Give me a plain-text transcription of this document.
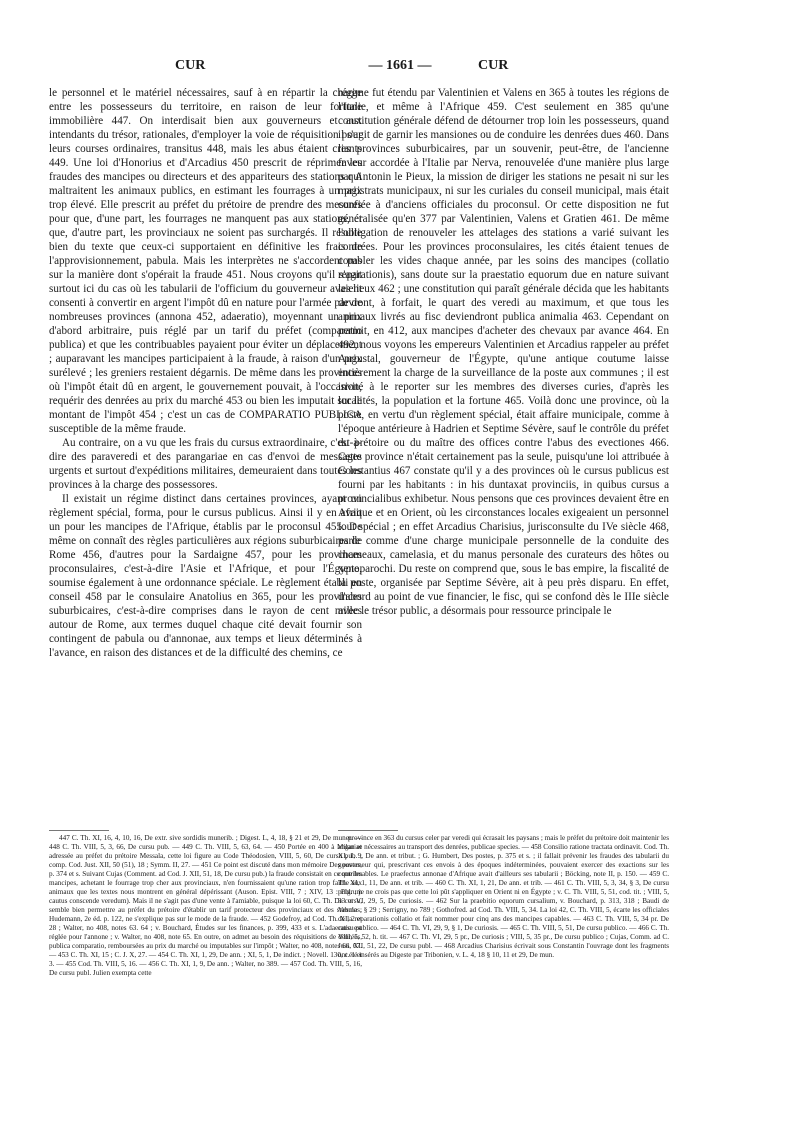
CUR	— 1661 —	CUR

le personnel et le matériel nécessaires, sauf à en répartir la charge entre les possesseurs du territoire, en raison de leur fortune immobilière 447. On interdisait bien aux gouverneurs et aux intendants du trésor, rationales, d'employer la voie de réquisition pour leurs courses ordinaires, transitus 448, mais les abus étaient criants 449. Une loi d'Honorius et d'Arcadius 450 prescrit de réprimer les fraudes des mancipes ou directeurs et des appariteurs des stations qui maltraitent les animaux publics, en estimant les fourrages à un prix trop élevé. Elle prescrit au préfet du prétoire de prendre des mesures pour que, d'une part, les fourrages ne manquent pas aux stations, et que, d'autre part, les provinciaux ne soient pas surchargés. Il résulte bien du texte que ceux-ci supportaient en définitive les frais de l'approvisionnement, pabula. Mais les interprètes ne s'accordent pas sur la manière dont s'opérait la fraude 451. Nous croyons qu'il s'agit surtout ici du cas où les tabularii de l'officium du gouverneur avaient consenti à convertir en argent l'impôt dû en nature pour l'armée par de nombreuses provinces (annona 452, adaeratio), moyennant un prix d'abord arbitraire, puis réglé par un tarif du préfet (comparatio publica) et que les contribuables payaient pour éviter un déplacement ; auparavant les mancipes participaient à la fraude, à raison d'un prix surélevé ; les greniers restaient dégarnis. De même dans les provinces où l'impôt était dû en argent, le gouvernement pouvait, à l'occasion, requérir des denrées au prix du marché 453 ou bien les imputait sur le montant de l'impôt 454 ; c'est un cas de COMPARATIO PUBLICA susceptible de la même fraude.

Au contraire, on a vu que les frais du cursus extraordinaire, c'est-à-dire des paraveredi et des parangariae en cas d'envoi de messages urgents et surtout d'expéditions militaires, demeuraient dans toutes les provinces à la charge des possessores.

Il existait un régime distinct dans certaines provinces, ayant un règlement spécial, forma, pour le cursus publicus. Ainsi il y en avait un pour les mancipes de l'Afrique, établis par le proconsul 455. De même on connaît des règles particulières aux régions suburbicaires de Rome 456, d'autres pour la Sardaigne 457, pour les provinces proconsulaires, c'est-à-dire l'Asie et l'Afrique, et pour l'Égypte, soumise également à une ordonnance spéciale. Le règlement établi en conseil 458 par le consulaire Anatolius en 365, pour les provinces suburbicaires, c'est-à-dire comprises dans le rayon de cent milles autour de Rome, aux termes duquel chaque cité devait fournir son contingent de pabula ou d'annonae, aux temps et lieux déterminés à l'avance, en raison des distances et de la difficulté des chemins, ce

447 C. Th. XI, 16, 4, 10, 16, De extr. sive sordidis munerib. ; Digest. L, 4, 18, § 21 et 29, De muner. — 448 C. Th. VIII, 5, 3, 66, De cursu pub. — 449 C. Th. VIII, 5, 63, 64. — 450 Portée en 400 à Milan et adressée au préfet du prétoire Messala, cette loi figure au Code Théodosien, VIII, 5, 60, De cursu pub. ; comp. Cod. Just. XII, 50 (51), 18 ; Symm. II, 27. — 451 Ce point est discuté dans mon mémoire Des postes, p. 374 et s. Suivant Cujas (Comment. ad Cod. J. XII, 51, 18, De cursu pub.) la fraude consistait en ce que les mancipes, achetant le fourrage trop cher aux provinciaux, n'en fournissaient qu'une ration trop faible aux animaux que les textes nous montrent en général dépérissant (Auson. Epist. VIII, 7 ; XIV, 13 : Pigrum cautus conscende veredum). Mais il ne s'agit pas d'une vente à l'amiable, puisque la loi 60, C. Th. De cursu, semble bien permettre au préfet du prétoire d'établir un tarif protecteur des provinciaux et des stabula ; Hudemann, 2e éd. p. 122, ne s'explique pas sur le mode de la fraude. — 452 Godefroy, ad Cod. Th. XI, 2 et 28 ; Walter, no 408, notes 63. 64 ; v. Bouchard, Études sur les finances, p. 399, 433 et s. L'adaeratio est réglée pour l'annone ; v. Walter, no 408, note 65. En outre, on admet au besoin des réquisitions de denrées, publica comparatio, remboursées au prix du marché ou imputables sur l'impôt ; Walter, no 408, notes 66, 67. — 453 C. Th. XI, 15 ; C. J. X, 27. — 454 C. Th. XI, 1, 29, De ann. ; XI, 5, 1, De indict. ; Novell. 130, c. 1 et 3. — 455 Cod. Th. VIII, 5, 16. — 456 C. Th. XI, 1, 9, De ann. ; Walter, no 389. — 457 Cod. Th. VIII, 5, 16, De cursu publ. Julien exempta cette

régime fut étendu par Valentinien et Valens en 365 à toutes les régions de l'Italie, et même à l'Afrique 459. C'est seulement en 385 qu'une constitution générale défend de détourner trop loin les possesseurs, quand il s'agit de garnir les mansiones ou de conduire les denrées dues 460. Dans les provinces suburbicaires, par un souvenir, peut-être, de l'ancienne faveur accordée à l'Italie par Nerva, renouvelée d'une manière plus large par Antonin le Pieux, la mission de diriger les stations ne pesait ni sur les magistrats municipaux, ni sur les curiales du conseil municipal, mais était confiée à d'anciens officiales du proconsul. Or cette disposition ne fut généralisée qu'en 377 par Valentinien, Valens et Gratien 461. De même l'obligation de renouveler les attelages des stations a varié suivant les contrées. Pour les provinces proconsulaires, les cités étaient tenues de combler les vides chaque année, par les soins des mancipes (collatio reparationis), sans doute sur la praestatio equorum due en nature suivant les lieux 462 ; une constitution qui paraît générale décida que les habitants devront, à forfait, le quart des veredi au maximum, et que tous les animaux livrés au fisc deviendront publica animalia 463. Cependant on permit, en 412, aux mancipes d'acheter des chevaux par avance 464. En 492, nous voyons les empereurs Valentinien et Arcadius rappeler au préfet Augustal, gouverneur de l'Égypte, qu'une antique coutume laisse entièrement la charge de la surveillance de la poste aux communes ; il est invité à le reporter sur les membres des diverses curies, d'après les localités, la population et la fortune 465. Voilà donc une province, où la poste, en vertu d'un règlement spécial, était affaire municipale, comme à l'époque antérieure à Hadrien et Septime Sévère, sauf le contrôle du préfet du prétoire ou du maître des offices contre l'abus des evectiones 466. Cette province n'était certainement pas la seule, puisqu'une loi attribuée à Constantius 467 constate qu'il y a des provinces où le cursus publicus est fourni par les habitants : in his duntaxat provinciis, in quibus cursus a provincialibus exhibetur. Nous pensons que ces provinces devaient être en Afrique et en Orient, où les circonstances locales exigeaient un personnel tout spécial ; en effet Arcadius Charisius, jurisconsulte du IVe siècle 468, parle comme d'une charge municipale personnelle de la conduite des chameaux, camelasia, et du manus personale des curateurs des hôtes ou xenoparochi. Du reste on comprend que, sous le bas empire, la fiscalité de la poste, organisée par Septime Sévère, ait à peu près disparu. En effet, d'abord au point de vue financier, le fisc, qui se confond dès le IIIe siècle avec le trésor public, a désormais pour ressource principale le

province en 363 du cursus celer par veredi qui écrasait les paysans ; mais le préfet du prétoire doit maintenir les angariae nécessaires au transport des denrées, publicae species. — 458 Consilio ratione tractata ordinavit. Cod. Th. XI, 1, 9, De ann. et tribut. ; G. Humbert, Des postes, p. 375 et s. ; il fallait prévenir les fraudes des tabularii du gouverneur qui, prescrivant ces envois à des époques indéterminées, pouvaient exercer des exactions sur les contribuables. Le praefectus annonae d'Afrique avait d'ailleurs ses tabularii ; Böcking, note II, p. 150. — 459 C. Th. XI, 1, 11, De ann. et trib. — 460 C. Th. XI, 1, 21, De ann. et trib. — 461 C. Th. VIII, 5, 3, 34, § 3, De cursu publ. ; je ne crois pas que cette loi pût s'appliquer en Orient ni en Égypte ; v. C. Th. VIII, 5, 51, cod. tit. ; VIII, 5, 33 et VI, 29, 5, De curiosis. — 462 Sur la praebitio equorum cursalium, v. Bouchard, p. 313, 318 ; Baudi de Vesmes, § 29 ; Serrigny, no 789 ; Gothofred. ad Cod. Th. VIII, 5, 34. La loi 42, C. Th. VIII, 5, écarte les officiales de la reparationis collatio et fait nommer pour cinq ans des mancipes capables. — 463 C. Th. VIII, 5, 34 pr. De cursu publico. — 464 C. Th. VI, 29, 9, § 1, De curiosis. — 465 C. Th. VIII, 5, 51, De cursu publico. — 466 C. Th. VIII, 5, 52, h. tit. — 467 C. Th. VI, 29, 5 pr., De curiosis ; VIII, 5, 35 pr., De cursu publico ; Cujas, Comm. ad C. Just. XII, 51, 22, De cursu publ. — 468 Arcadius Charisius écrivait sous Constantin l'ouvrage dont les fragments ont été insérés au Digeste par Tribonien, v. L. 4, 18 § 10, 11 et 29, De mun.
